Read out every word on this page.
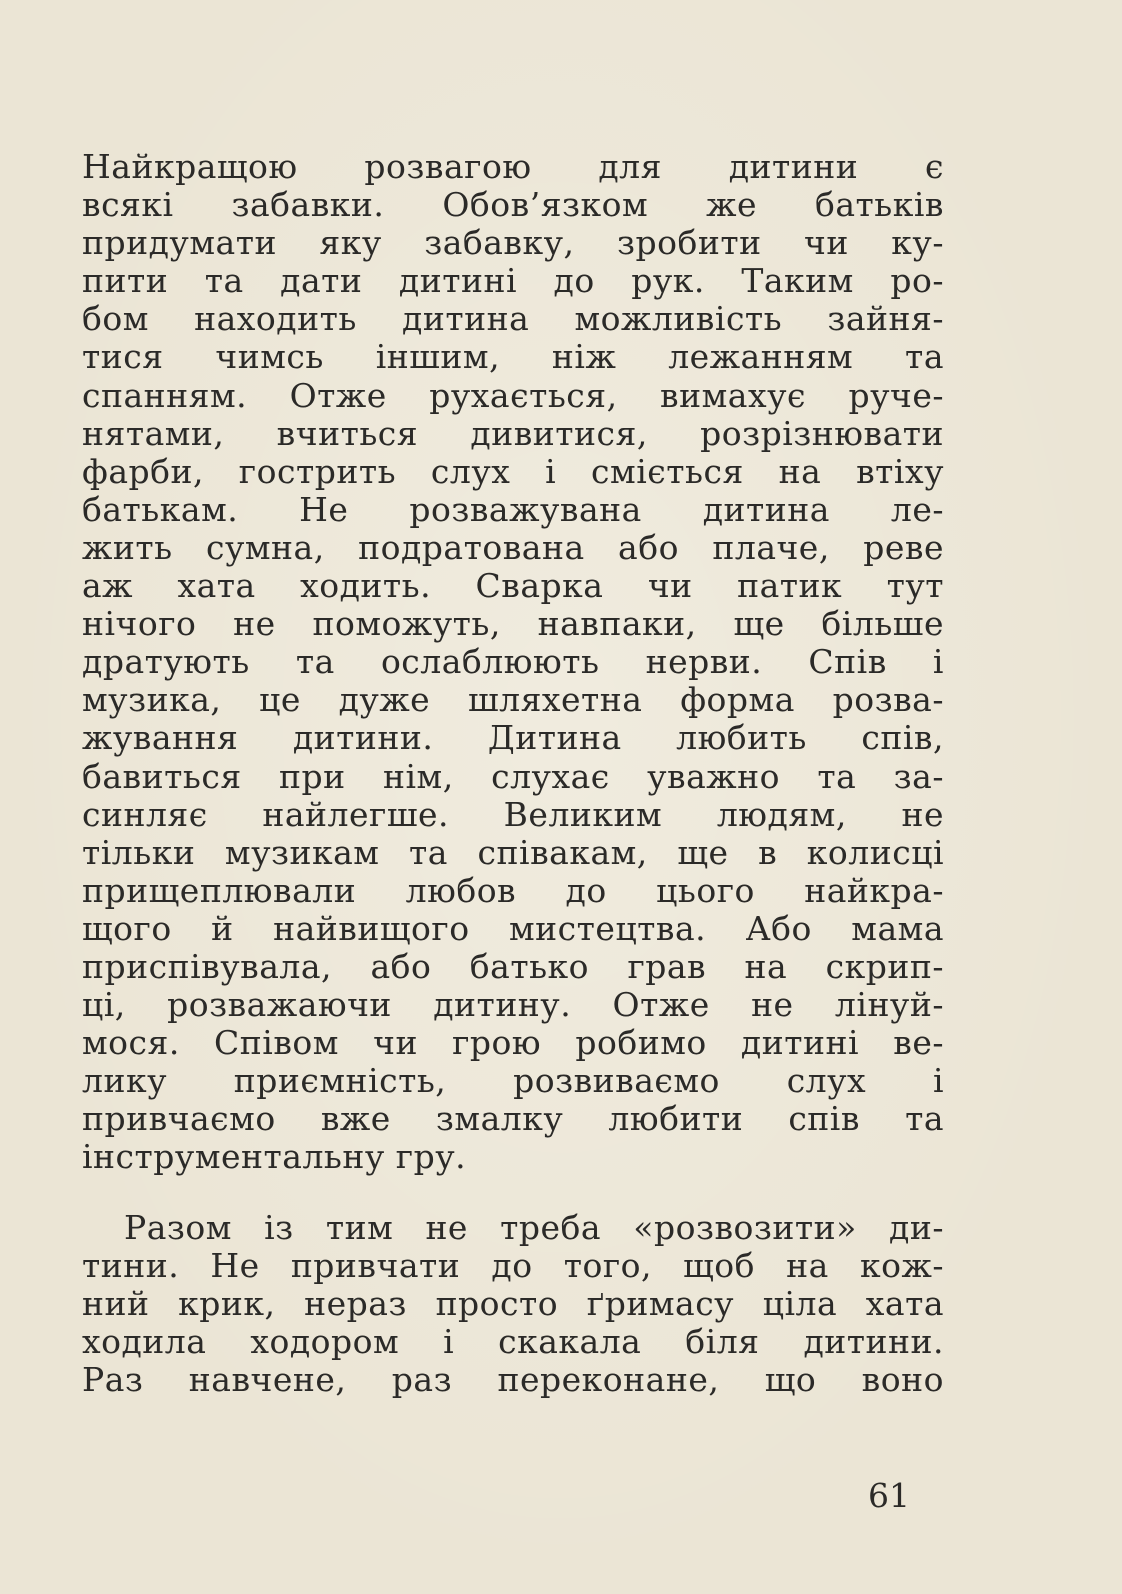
Найкращою розвагою для дитини є
всякі забавки. Обов’язком же батьків
придумати яку забавку, зробити чи ку-
пити та дати дитині до рук. Таким ро-
бом находить дитина можливість зайня-
тися чимсь іншим, ніж лежанням та
спанням. Отже рухається, вимахує руче-
нятами, вчиться дивитися, розрізнювати
фарби, гострить слух і сміється на втіху
батькам. Не розважувана дитина ле-
жить сумна, подратована або плаче, реве
аж хата ходить. Сварка чи патик тут
нічого не поможуть, навпаки, ще більше
дратують та ослаблюють нерви. Спів і
музика, це дуже шляхетна форма розва-
жування дитини. Дитина любить спів,
бавиться при нім, слухає уважно та за-
синляє найлегше. Великим людям, не
тільки музикам та співакам, ще в колисці
прищеплювали любов до цього найкра-
щого й найвищого мистецтва. Або мама
приспівувала, або батько грав на скрип-
ці, розважаючи дитину. Отже не лінуй-
мося. Співом чи грою робимо дитині ве-
лику приємність, розвиваємо слух і
привчаємо вже змалку любити спів та
інструментальну гру.
Разом із тим не треба «розвозити» ди-
тини. Не привчати до того, щоб на кож-
ний крик, нераз просто ґримасу ціла хата
ходила ходором і скакала біля дитини.
Раз навчене, раз переконане, що воно
61
